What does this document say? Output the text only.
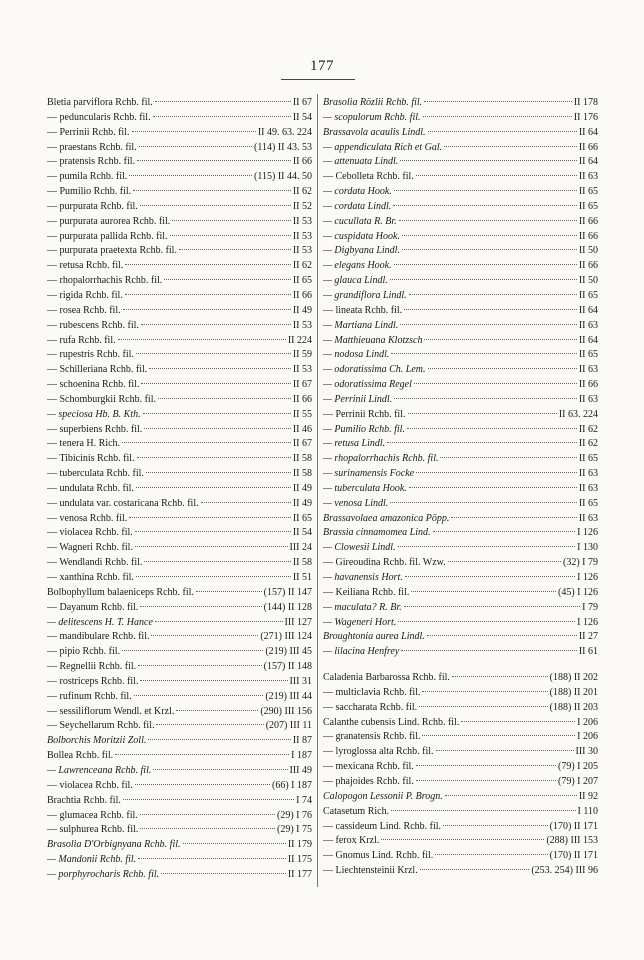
177
Bletia parviflora Rchb. fil.	II 67
— peduncularis Rchb. fil.	II 54
— Perrinii Rchb. fil.	II 49. 63. 224
— praestans Rchb. fil.	(114) II 43. 53
— pratensis Rchb. fil.	II 66
— pumila Rchb. fil.	(115) II 44. 50
— Pumilio Rchb. fil.	II 62
— purpurata Rchb. fil.	II 52
— purpurata aurorea Rchb. fil.	II 53
— purpurata pallida Rchb. fil.	II 53
— purpurata praetexta Rchb. fil.	II 53
— retusa Rchb. fil.	II 62
— rhopalorrhachis Rchb. fil.	II 65
— rigida Rchb. fil.	II 66
— rosea Rchb. fil.	II 49
— rubescens Rchb. fil.	II 53
— rufa Rchb. fil.	II 224
— rupestris Rchb. fil.	II 59
— Schilleriana Rchb. fil.	II 53
— schoenina Rchb. fil.	II 67
— Schomburgkii Rchb. fil.	II 66
— speciosa Hb. B. Kth.	II 55
— superbiens Rchb. fil.	II 46
— tenera H. Rich.	II 67
— Tibicinis Rchb. fil.	II 58
— tuberculata Rchb. fil.	II 58
— undulata Rchb. fil.	II 49
— undulata var. costaricana Rchb. fil.	II 49
— venosa Rchb. fil.	II 65
— violacea Rchb. fil.	II 54
— Wagneri Rchb. fil.	III 24
— Wendlandi Rchb. fil.	II 58
— xanthina Rchb. fil.	II 51
Bolbophyllum balaeniceps Rchb. fil.	(157) II 147
— Dayanum Rchb. fil.	(144) II 128
— delitescens H. T. Hance	III 127
— mandibulare Rchb. fil.	(271) III 124
— pipio Rchb. fil.	(219) III 45
— Regnellii Rchb. fil.	(157) II 148
— rostriceps Rchb. fil.	III 31
— rufinum Rchb. fil.	(219) III 44
— sessiliflorum Wendl. et Krzl.	(290) III 156
— Seychellarum Rchb. fil.	(207) III 11
Bolborchis Moritzii Zoll.	II 87
Bollea Rchb. fil.	I 187
— Lawrenceana Rchb. fil.	III 49
— violacea Rchb. fil.	(66) I 187
Brachtia Rchb. fil.	I 74
— glumacea Rchb. fil.	(29) I 76
— sulphurea Rchb. fil.	(29) I 75
Brasolia D'Orbignyana Rchb. fil.	II 179
— Mandonii Rchb. fil.	II 175
— porphyrocharis Rchb. fil.	II 177
Brasolia Rözlii Rchb. fil.	II 178
— scopulorum Rchb. fil.	II 176
Brassavola acaulis Lindl.	II 64
— appendiculata Rich et Gal.	II 66
— attenuata Lindl.	II 64
— Cebolleta Rchb. fil.	II 63
— cordata Hook.	II 65
— cordata Lindl.	II 65
— cucullata R. Br.	II 66
— cuspidata Hook.	II 66
— Digbyana Lindl.	II 50
— elegans Hook.	II 66
— glauca Lindl.	II 50
— grandiflora Lindl.	II 65
— lineata Rchb. fil.	II 64
— Martiana Lindl.	II 63
— Matthieuana Klotzsch	II 64
— nodosa Lindl.	II 65
— odoratissima Ch. Lem.	II 63
— odoratissima Regel	II 66
— Perrinii Lindl.	II 63
— Perrinii Rchb. fil.	II 63. 224
— Pumilio Rchb. fil.	II 62
— retusa Lindl.	II 62
— rhopalorrhachis Rchb. fil.	II 65
— surinamensis Focke	II 63
— tuberculata Hook.	II 63
— venosa Lindl.	II 65
Brassavolaea amazonica Pöpp.	II 63
Brassia cinnamomea Lind.	I 126
— Clowesii Lindl.	I 130
— Gireoudina Rchb. fil. Wzw.	(32) I 79
— havanensis Hort.	I 126
— Keiliana Rchb. fil.	(45) I 126
— maculata? R. Br.	I 79
— Wageneri Hort.	I 126
Broughtonia aurea Lindl.	II 27
— lilacina Henfrey	II 61
Caladenia Barbarossa Rchb. fil.	(188) II 202
— multiclavia Rchb. fil.	(188) II 201
— saccharata Rchb. fil.	(188) II 203
Calanthe cubensis Lind. Rchb. fil.	I 206
— granatensis Rchb. fil.	I 206
— lyroglossa alta Rchb. fil.	III 30
— mexicana Rchb. fil.	(79) I 205
— phajoides Rchb. fil.	(79) I 207
Calopogon Lessonii P. Brogn.	II 92
Catasetum Rich.	I 110
— cassideum Lind. Rchb. fil.	(170) II 171
— ferox Krzl.	(288) III 153
— Gnomus Lind. Rchb. fil.	(170) II 171
— Liechtensteinii Krzl.	(253. 254) III 96
